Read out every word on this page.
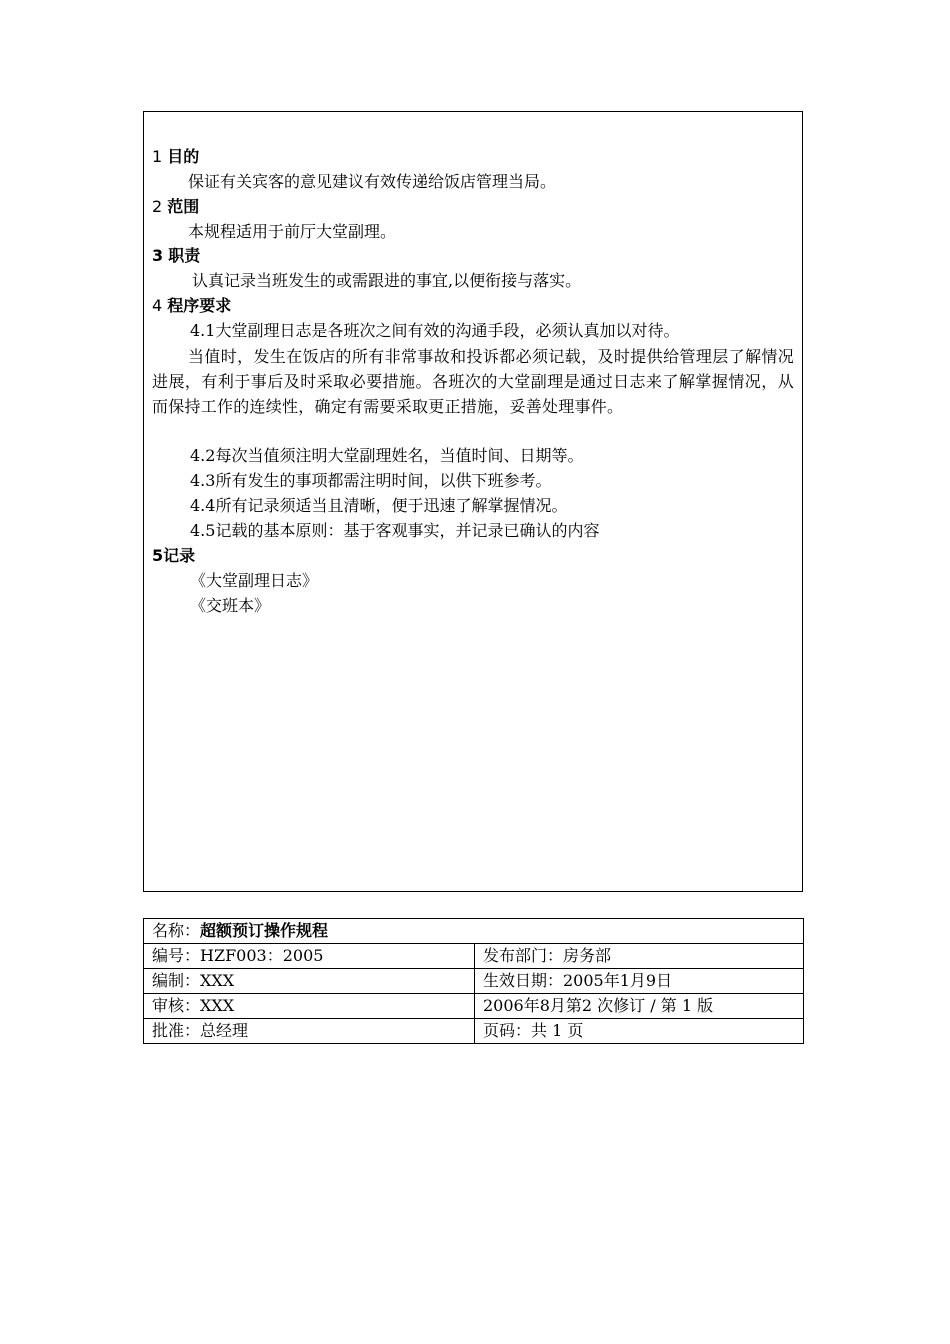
1 目的
保证有关宾客的意见建议有效传递给饭店管理当局。
2 范围
本规程适用于前厅大堂副理。
3 职责
认真记录当班发生的或需跟进的事宜,以便衔接与落实。
4 程序要求
4.1大堂副理日志是各班次之间有效的沟通手段，必须认真加以对待。
当值时，发生在饭店的所有非常事故和投诉都必须记载，及时提供给管理层了解情况进展，有利于事后及时采取必要措施。各班次的大堂副理是通过日志来了解掌握情况，从而保持工作的连续性，确定有需要采取更正措施，妥善处理事件。
4.2每次当值须注明大堂副理姓名，当值时间、日期等。
4.3所有发生的事项都需注明时间，以供下班参考。
4.4所有记录须适当且清晰，便于迅速了解掌握情况。
4.5记载的基本原则：基于客观事实，并记录已确认的内容
5记录
《大堂副理日志》
《交班本》
名称：超额预订操作规程	
编号：HZF003：2005	发布部门：房务部
编制：XXX	生效日期：2005年1月9日
审核：XXX	2006年8月第2 次修订 / 第 1 版
批准：总经理	页码：共 1 页
